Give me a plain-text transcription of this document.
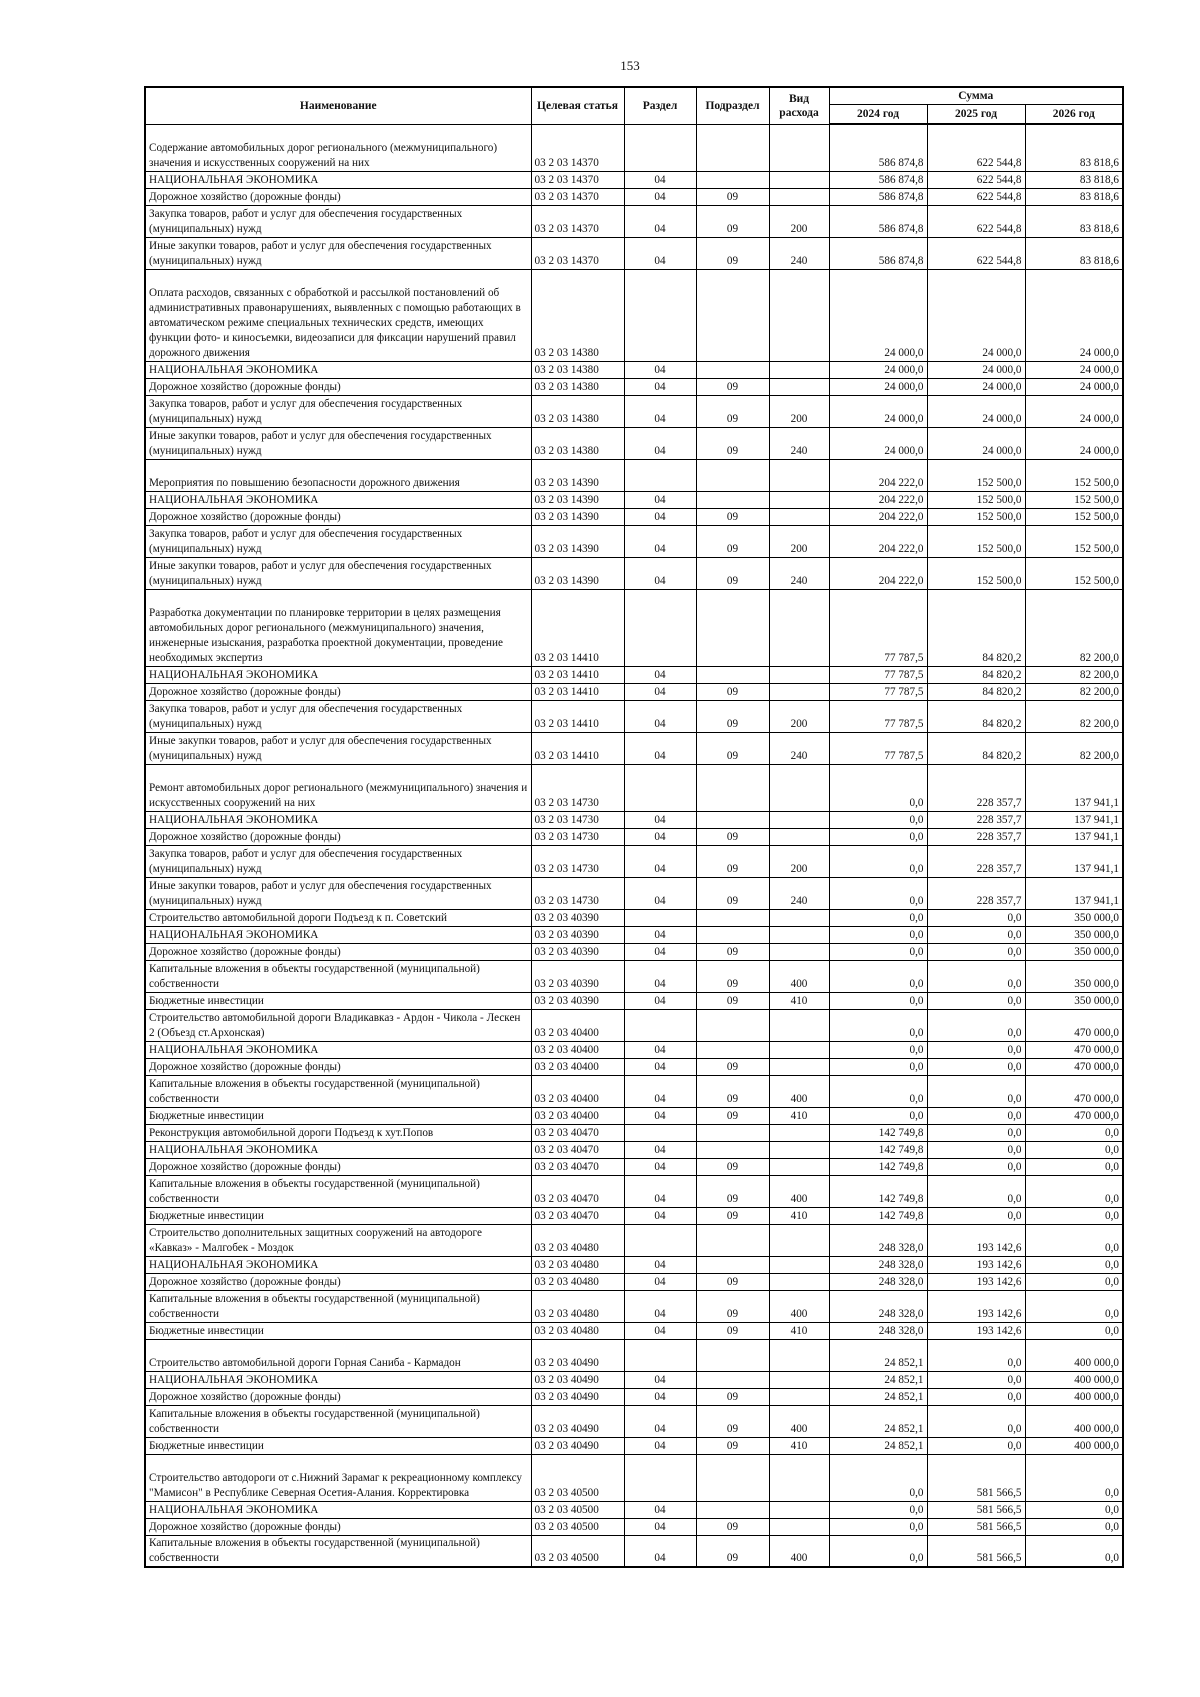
153
Наименование	Целевая статья	Раздел	Подраздел	Вид расхода	Сумма		
					2024 год	2025 год	2026 год
Содержание автомобильных дорог регионального (межмуниципального) значения и искусственных сооружений на них	03 2 03 14370				586 874,8	622 544,8	83 818,6
НАЦИОНАЛЬНАЯ ЭКОНОМИКА	03 2 03 14370	04			586 874,8	622 544,8	83 818,6
Дорожное хозяйство (дорожные фонды)	03 2 03 14370	04	09		586 874,8	622 544,8	83 818,6
Закупка товаров, работ и услуг для обеспечения государственных (муниципальных) нужд	03 2 03 14370	04	09	200	586 874,8	622 544,8	83 818,6
Иные закупки товаров, работ и услуг для обеспечения государственных (муниципальных) нужд	03 2 03 14370	04	09	240	586 874,8	622 544,8	83 818,6
Оплата расходов, связанных с обработкой и рассылкой постановлений об административных правонарушениях, выявленных с помощью работающих в автоматическом режиме специальных технических средств, имеющих функции фото- и киносъемки, видеозаписи для фиксации нарушений правил дорожного движения	03 2 03 14380				24 000,0	24 000,0	24 000,0
НАЦИОНАЛЬНАЯ ЭКОНОМИКА	03 2 03 14380	04			24 000,0	24 000,0	24 000,0
Дорожное хозяйство (дорожные фонды)	03 2 03 14380	04	09		24 000,0	24 000,0	24 000,0
Закупка товаров, работ и услуг для обеспечения государственных (муниципальных) нужд	03 2 03 14380	04	09	200	24 000,0	24 000,0	24 000,0
Иные закупки товаров, работ и услуг для обеспечения государственных (муниципальных) нужд	03 2 03 14380	04	09	240	24 000,0	24 000,0	24 000,0
Мероприятия по повышению безопасности дорожного движения	03 2 03 14390				204 222,0	152 500,0	152 500,0
НАЦИОНАЛЬНАЯ ЭКОНОМИКА	03 2 03 14390	04			204 222,0	152 500,0	152 500,0
Дорожное хозяйство (дорожные фонды)	03 2 03 14390	04	09		204 222,0	152 500,0	152 500,0
Закупка товаров, работ и услуг для обеспечения государственных (муниципальных) нужд	03 2 03 14390	04	09	200	204 222,0	152 500,0	152 500,0
Иные закупки товаров, работ и услуг для обеспечения государственных (муниципальных) нужд	03 2 03 14390	04	09	240	204 222,0	152 500,0	152 500,0
Разработка документации по планировке территории в целях размещения автомобильных дорог регионального (межмуниципального) значения, инженерные изыскания, разработка проектной документации, проведение необходимых экспертиз	03 2 03 14410				77 787,5	84 820,2	82 200,0
НАЦИОНАЛЬНАЯ ЭКОНОМИКА	03 2 03 14410	04			77 787,5	84 820,2	82 200,0
Дорожное хозяйство (дорожные фонды)	03 2 03 14410	04	09		77 787,5	84 820,2	82 200,0
Закупка товаров, работ и услуг для обеспечения государственных (муниципальных) нужд	03 2 03 14410	04	09	200	77 787,5	84 820,2	82 200,0
Иные закупки товаров, работ и услуг для обеспечения государственных (муниципальных) нужд	03 2 03 14410	04	09	240	77 787,5	84 820,2	82 200,0
Ремонт автомобильных дорог регионального (межмуниципального) значения и искусственных сооружений на них	03 2 03 14730				0,0	228 357,7	137 941,1
НАЦИОНАЛЬНАЯ ЭКОНОМИКА	03 2 03 14730	04			0,0	228 357,7	137 941,1
Дорожное хозяйство (дорожные фонды)	03 2 03 14730	04	09		0,0	228 357,7	137 941,1
Закупка товаров, работ и услуг для обеспечения государственных (муниципальных) нужд	03 2 03 14730	04	09	200	0,0	228 357,7	137 941,1
Иные закупки товаров, работ и услуг для обеспечения государственных (муниципальных) нужд	03 2 03 14730	04	09	240	0,0	228 357,7	137 941,1
Строительство автомобильной дороги Подъезд к п. Советский	03 2 03 40390				0,0	0,0	350 000,0
НАЦИОНАЛЬНАЯ ЭКОНОМИКА	03 2 03 40390	04			0,0	0,0	350 000,0
Дорожное хозяйство (дорожные фонды)	03 2 03 40390	04	09		0,0	0,0	350 000,0
Капитальные вложения в объекты государственной (муниципальной) собственности	03 2 03 40390	04	09	400	0,0	0,0	350 000,0
Бюджетные инвестиции	03 2 03 40390	04	09	410	0,0	0,0	350 000,0
Строительство автомобильной дороги Владикавказ - Ардон - Чикола - Лескен 2 (Объезд ст.Архонская)	03 2 03 40400				0,0	0,0	470 000,0
НАЦИОНАЛЬНАЯ ЭКОНОМИКА	03 2 03 40400	04			0,0	0,0	470 000,0
Дорожное хозяйство (дорожные фонды)	03 2 03 40400	04	09		0,0	0,0	470 000,0
Капитальные вложения в объекты государственной (муниципальной) собственности	03 2 03 40400	04	09	400	0,0	0,0	470 000,0
Бюджетные инвестиции	03 2 03 40400	04	09	410	0,0	0,0	470 000,0
Реконструкция автомобильной дороги Подъезд к хут.Попов	03 2 03 40470				142 749,8	0,0	0,0
НАЦИОНАЛЬНАЯ ЭКОНОМИКА	03 2 03 40470	04			142 749,8	0,0	0,0
Дорожное хозяйство (дорожные фонды)	03 2 03 40470	04	09		142 749,8	0,0	0,0
Капитальные вложения в объекты государственной (муниципальной) собственности	03 2 03 40470	04	09	400	142 749,8	0,0	0,0
Бюджетные инвестиции	03 2 03 40470	04	09	410	142 749,8	0,0	0,0
Строительство дополнительных защитных сооружений на автодороге «Кавказ» - Малгобек - Моздок	03 2 03 40480				248 328,0	193 142,6	0,0
НАЦИОНАЛЬНАЯ ЭКОНОМИКА	03 2 03 40480	04			248 328,0	193 142,6	0,0
Дорожное хозяйство (дорожные фонды)	03 2 03 40480	04	09		248 328,0	193 142,6	0,0
Капитальные вложения в объекты государственной (муниципальной) собственности	03 2 03 40480	04	09	400	248 328,0	193 142,6	0,0
Бюджетные инвестиции	03 2 03 40480	04	09	410	248 328,0	193 142,6	0,0
Строительство автомобильной дороги Горная Саниба - Кармадон	03 2 03 40490				24 852,1	0,0	400 000,0
НАЦИОНАЛЬНАЯ ЭКОНОМИКА	03 2 03 40490	04			24 852,1	0,0	400 000,0
Дорожное хозяйство (дорожные фонды)	03 2 03 40490	04	09		24 852,1	0,0	400 000,0
Капитальные вложения в объекты государственной (муниципальной) собственности	03 2 03 40490	04	09	400	24 852,1	0,0	400 000,0
Бюджетные инвестиции	03 2 03 40490	04	09	410	24 852,1	0,0	400 000,0
Строительство автодороги от с.Нижний Зарамаг к рекреационному комплексу "Мамисон" в Республике Северная Осетия-Алания. Корректировка	03 2 03 40500				0,0	581 566,5	0,0
НАЦИОНАЛЬНАЯ ЭКОНОМИКА	03 2 03 40500	04			0,0	581 566,5	0,0
Дорожное хозяйство (дорожные фонды)	03 2 03 40500	04	09		0,0	581 566,5	0,0
Капитальные вложения в объекты государственной (муниципальной) собственности	03 2 03 40500	04	09	400	0,0	581 566,5	0,0
